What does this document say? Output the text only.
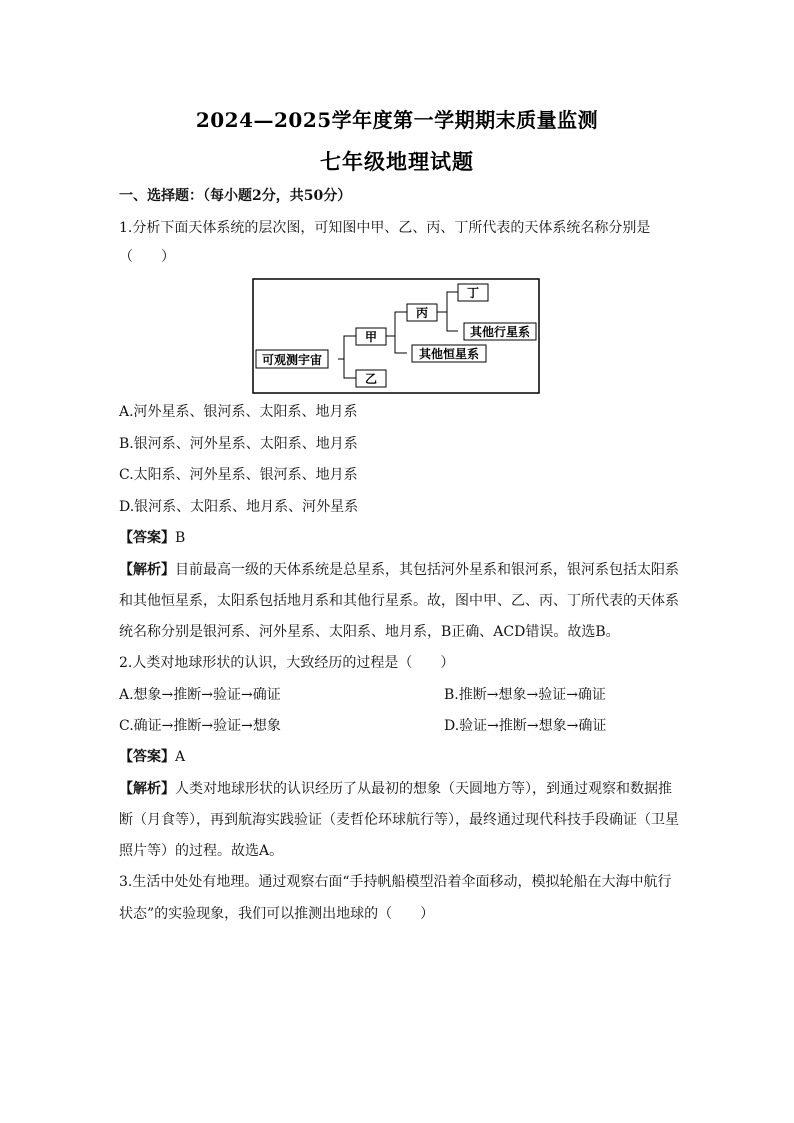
2024—2025学年度第一学期期末质量监测
七年级地理试题
一、选择题：（每小题2分，共50分）
1.分析下面天体系统的层次图，可知图中甲、乙、丙、丁所代表的天体系统名称分别是
（　　）
可观测宇宙
甲
乙
丙
其他恒星系
丁
其他行星系
A.河外星系、银河系、太阳系、地月系
B.银河系、河外星系、太阳系、地月系
C.太阳系、河外星系、银河系、地月系
D.银河系、太阳系、地月系、河外星系
【答案】B
【解析】目前最高一级的天体系统是总星系，其包括河外星系和银河系，银河系包括太阳系
和其他恒星系，太阳系包括地月系和其他行星系。故，图中甲、乙、丙、丁所代表的天体系
统名称分别是银河系、河外星系、太阳系、地月系，B正确、ACD错误。故选B。
2.人类对地球形状的认识，大致经历的过程是（　　）
A.想象→推断→验证→确证	B.推断→想象→验证→确证
C.确证→推断→验证→想象	D.验证→推断→想象→确证
【答案】A
【解析】人类对地球形状的认识经历了从最初的想象（天圆地方等），到通过观察和数据推
断（月食等），再到航海实践验证（麦哲伦环球航行等），最终通过现代科技手段确证（卫星
照片等）的过程。故选A。
3.生活中处处有地理。通过观察右面“手持帆船模型沿着伞面移动，模拟轮船在大海中航行
状态”的实验现象，我们可以推测出地球的（　　）
